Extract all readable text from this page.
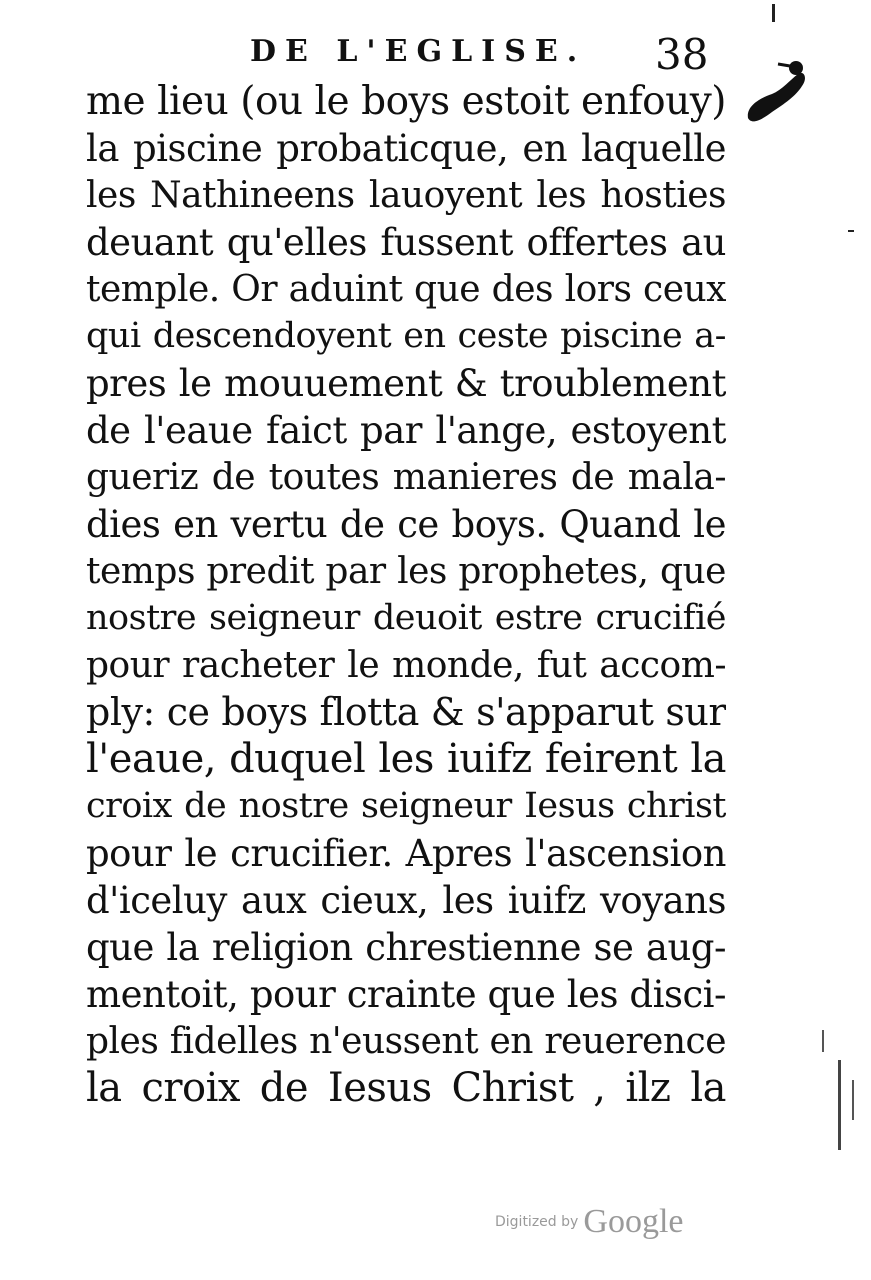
DE L'EGLISE. 38
me lieu (ou le boys estoit enfouy)
la piscine probaticque, en laquelle
les Nathineens lauoyent les hosties
deuant qu'elles fussent offertes au
temple. Or aduint que des lors ceux
qui descendoyent en ceste piscine a-
pres le mouuement & troublement
de l'eaue faict par l'ange, estoyent
gueriz de toutes manieres de mala-
dies en vertu de ce boys. Quand le
temps predit par les prophetes, que
nostre seigneur deuoit estre crucifié
pour racheter le monde, fut accom-
ply: ce boys flotta & s'apparut sur
l'eaue, duquel les iuifz feirent la
croix de nostre seigneur Iesus christ
pour le crucifier. Apres l'ascension
d'iceluy aux cieux, les iuifz voyans
que la religion chrestienne se aug-
mentoit, pour crainte que les disci-
ples fidelles n'eussent en reuerence
la croix de Iesus Christ , ilz la
Digitized by Google
